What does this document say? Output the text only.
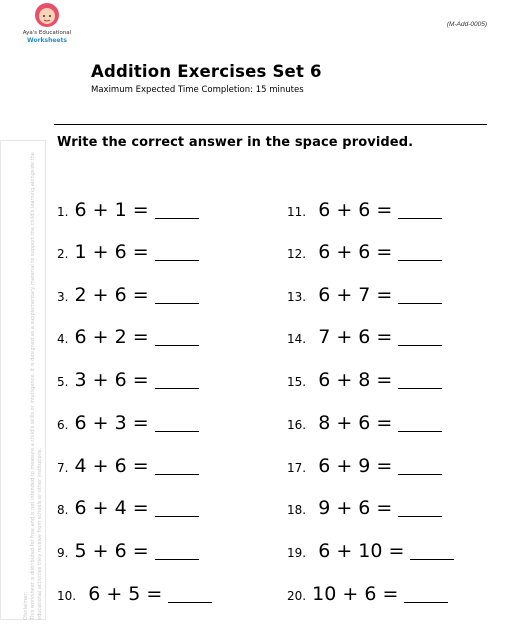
Aya's Educational
Worksheets
(M-Add-0005)
Addition Exercises Set 6
Maximum Expected Time Completion: 15 minutes
Write the correct answer in the space provided.
Disclaimer: This worksheet is distributed for free and is not intended to measure a child's skills or intelligence. It is designed as a supplementary material to support the child's learning alongside the educational activities they receive from schools or other institutions.
1. 6 + 1 =
2. 1 + 6 =
3. 2 + 6 =
4. 6 + 2 =
5. 3 + 6 =
6. 6 + 3 =
7. 4 + 6 =
8. 6 + 4 =
9. 5 + 6 =
10. 6 + 5 =
11. 6 + 6 =
12. 6 + 6 =
13. 6 + 7 =
14. 7 + 6 =
15. 6 + 8 =
16. 8 + 6 =
17. 6 + 9 =
18. 9 + 6 =
19. 6 + 10 =
20. 10 + 6 =
